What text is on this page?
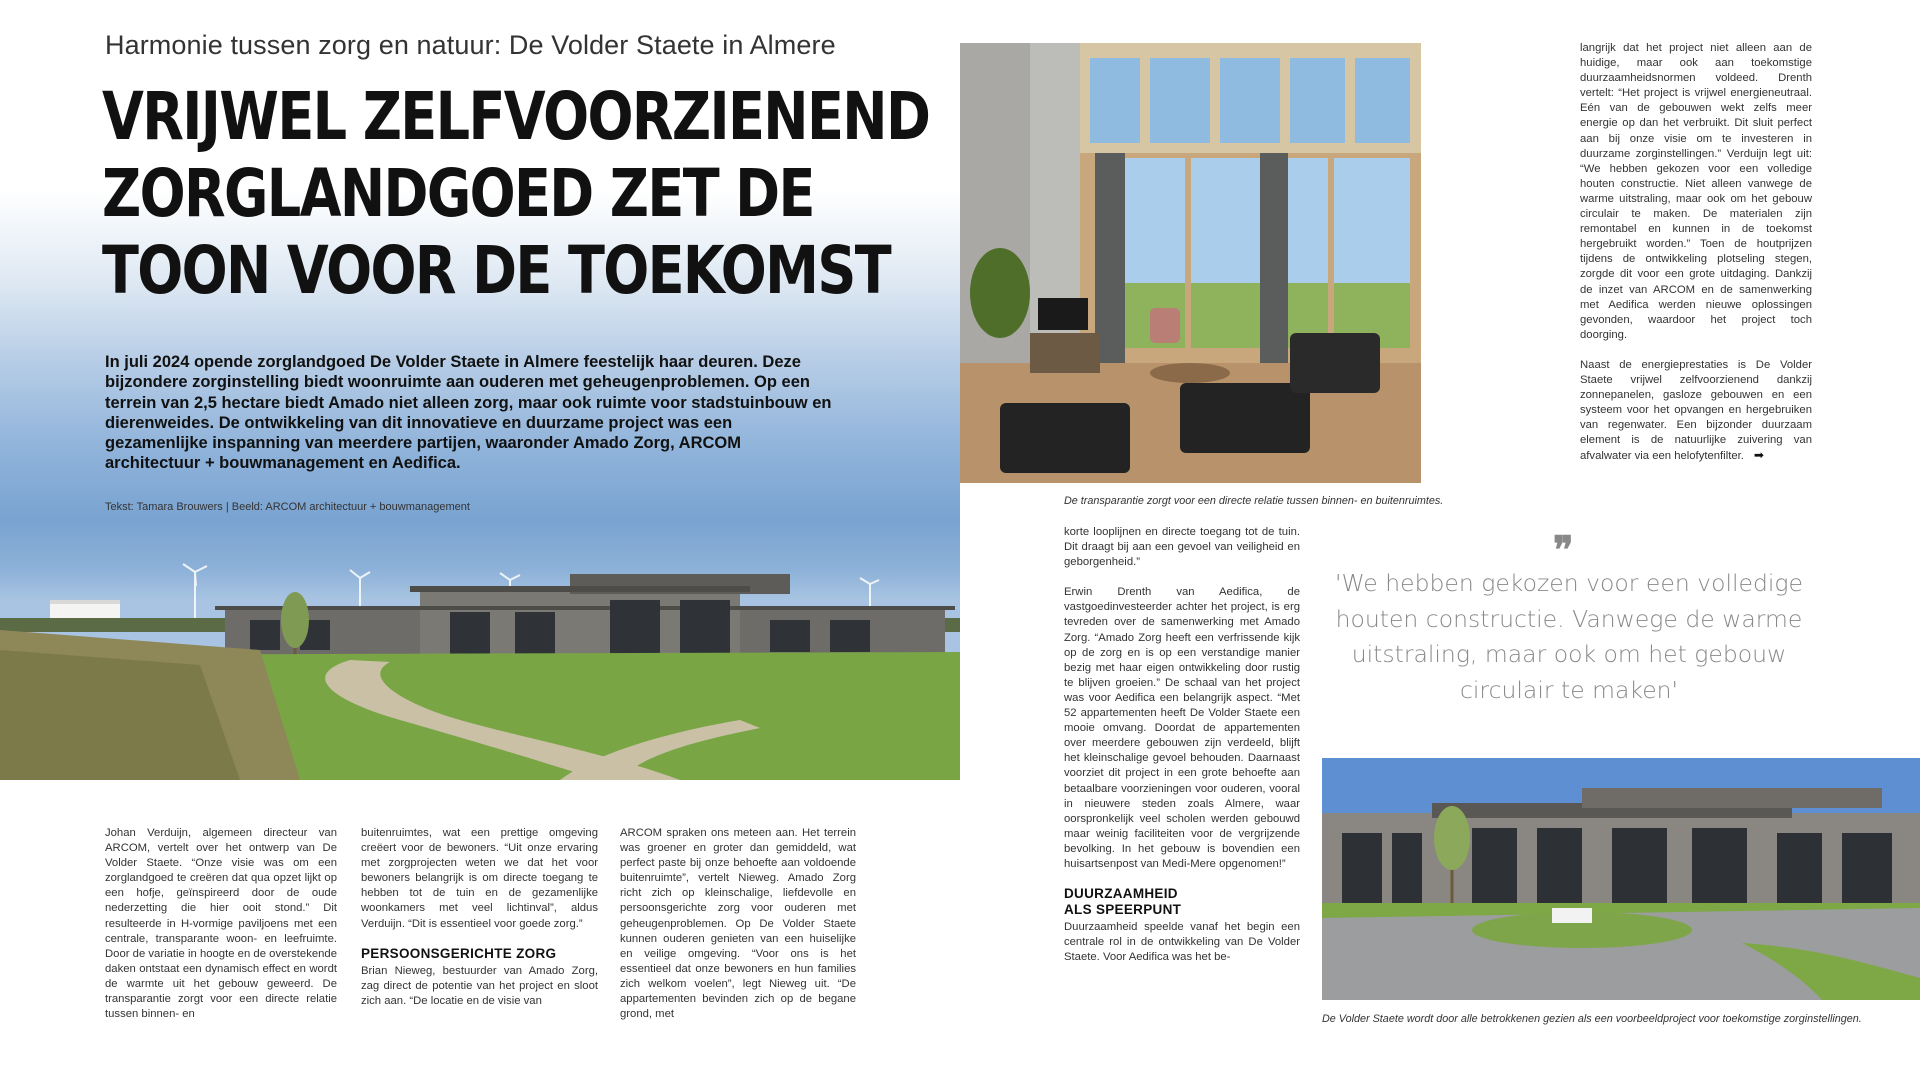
Harmonie tussen zorg en natuur: De Volder Staete in Almere
VRIJWEL ZELFVOORZIENEND
ZORGLANDGOED ZET DE
TOON VOOR DE TOEKOMST
In juli 2024 opende zorglandgoed De Volder Staete in Almere feestelijk haar deuren. Deze bijzondere zorginstelling biedt woonruimte aan ouderen met geheugenproblemen. Op een terrein van 2,5 hectare biedt Amado niet alleen zorg, maar ook ruimte voor stadstuinbouw en dierenweides. De ontwikkeling van dit innovatieve en duurzame project was een gezamenlijke inspanning van meerdere partijen, waaronder Amado Zorg, ARCOM architectuur + bouwmanagement en Aedifica.
Tekst: Tamara Brouwers | Beeld: ARCOM architectuur + bouwmanagement

Johan Verduijn, algemeen directeur van ARCOM, vertelt over het ontwerp van De Volder Staete. “Onze visie was om een zorglandgoed te creëren dat qua opzet lijkt op een hofje, geïnspireerd door de oude nederzetting die hier ooit stond.” Dit resulteerde in H-vormige paviljoens met een centrale, transparante woon- en leefruimte. Door de variatie in hoogte en de overstekende daken ontstaat een dynamisch effect en wordt de warmte uit het gebouw geweerd. De transparantie zorgt voor een directe relatie tussen binnen- en

buitenruimtes, wat een prettige omgeving creëert voor de bewoners. “Uit onze ervaring met zorgprojecten weten we dat het voor bewoners belangrijk is om directe toegang te hebben tot de tuin en de gezamenlijke woonkamers met veel lichtinval”, aldus Verduijn. “Dit is essentieel voor goede zorg.”

PERSOONSGERICHTE ZORG

Brian Nieweg, bestuurder van Amado Zorg, zag direct de potentie van het project en sloot zich aan. “De locatie en de visie van

ARCOM spraken ons meteen aan. Het terrein was groener en groter dan gemiddeld, wat perfect paste bij onze behoefte aan voldoende buitenruimte”, vertelt Nieweg. Amado Zorg richt zich op kleinschalige, liefdevolle en persoonsgerichte zorg voor ouderen met geheugenproblemen. Op De Volder Staete kunnen ouderen genieten van een huiselijke en veilige omgeving. “Voor ons is het essentieel dat onze bewoners en hun families zich welkom voelen”, legt Nieweg uit. “De appartementen bevinden zich op de begane grond, met

De transparantie zorgt voor een directe relatie tussen binnen- en buitenruimtes.

langrijk dat het project niet alleen aan de huidige, maar ook aan toekomstige duurzaamheidsnormen voldeed. Drenth vertelt: “Het project is vrijwel energieneutraal. Eén van de gebouwen wekt zelfs meer energie op dan het verbruikt. Dit sluit perfect aan bij onze visie om te investeren in duurzame zorginstellingen.” Verduijn legt uit: “We hebben gekozen voor een volledige houten constructie. Niet alleen vanwege de warme uitstraling, maar ook om het gebouw circulair te maken. De materialen zijn remontabel en kunnen in de toekomst hergebruikt worden.” Toen de houtprijzen tijdens de ontwikkeling plotseling stegen, zorgde dit voor een grote uitdaging. Dankzij de inzet van ARCOM en de samenwerking met Aedifica werden nieuwe oplossingen gevonden, waardoor het project toch doorging.

Naast de energieprestaties is De Volder Staete vrijwel zelfvoorzienend dankzij zonnepanelen, gasloze gebouwen en een systeem voor het opvangen en hergebruiken van regenwater. Een bijzonder duurzaam element is de natuurlijke zuivering van afvalwater via een helofytenfilter. ➡

korte looplijnen en directe toegang tot de tuin. Dit draagt bij aan een gevoel van veiligheid en geborgenheid.”

Erwin Drenth van Aedifica, de vastgoedinvesteerder achter het project, is erg tevreden over de samenwerking met Amado Zorg. “Amado Zorg heeft een verfrissende kijk op de zorg en is op een verstandige manier bezig met haar eigen ontwikkeling door rustig te blijven groeien.” De schaal van het project was voor Aedifica een belangrijk aspect. “Met 52 appartementen heeft De Volder Staete een mooie omvang. Doordat de appartementen over meerdere gebouwen zijn verdeeld, blijft het kleinschalige gevoel behouden. Daarnaast voorziet dit project in een grote behoefte aan betaalbare voorzieningen voor ouderen, vooral in nieuwere steden zoals Almere, waar oorspronkelijk veel scholen werden gebouwd maar weinig faciliteiten voor de vergrijzende bevolking. In het gebouw is bovendien een huisartsenpost van Medi-Mere opgenomen!”

DUURZAAMHEID
ALS SPEERPUNT

Duurzaamheid speelde vanaf het begin een centrale rol in de ontwikkeling van De Volder Staete. Voor Aedifica was het be-

❞
'We hebben gekozen voor een volledige houten constructie. Vanwege de warme uitstraling, maar ook om het gebouw circulair te maken'
De Volder Staete wordt door alle betrokkenen gezien als een voorbeeldproject voor toekomstige zorginstellingen.
